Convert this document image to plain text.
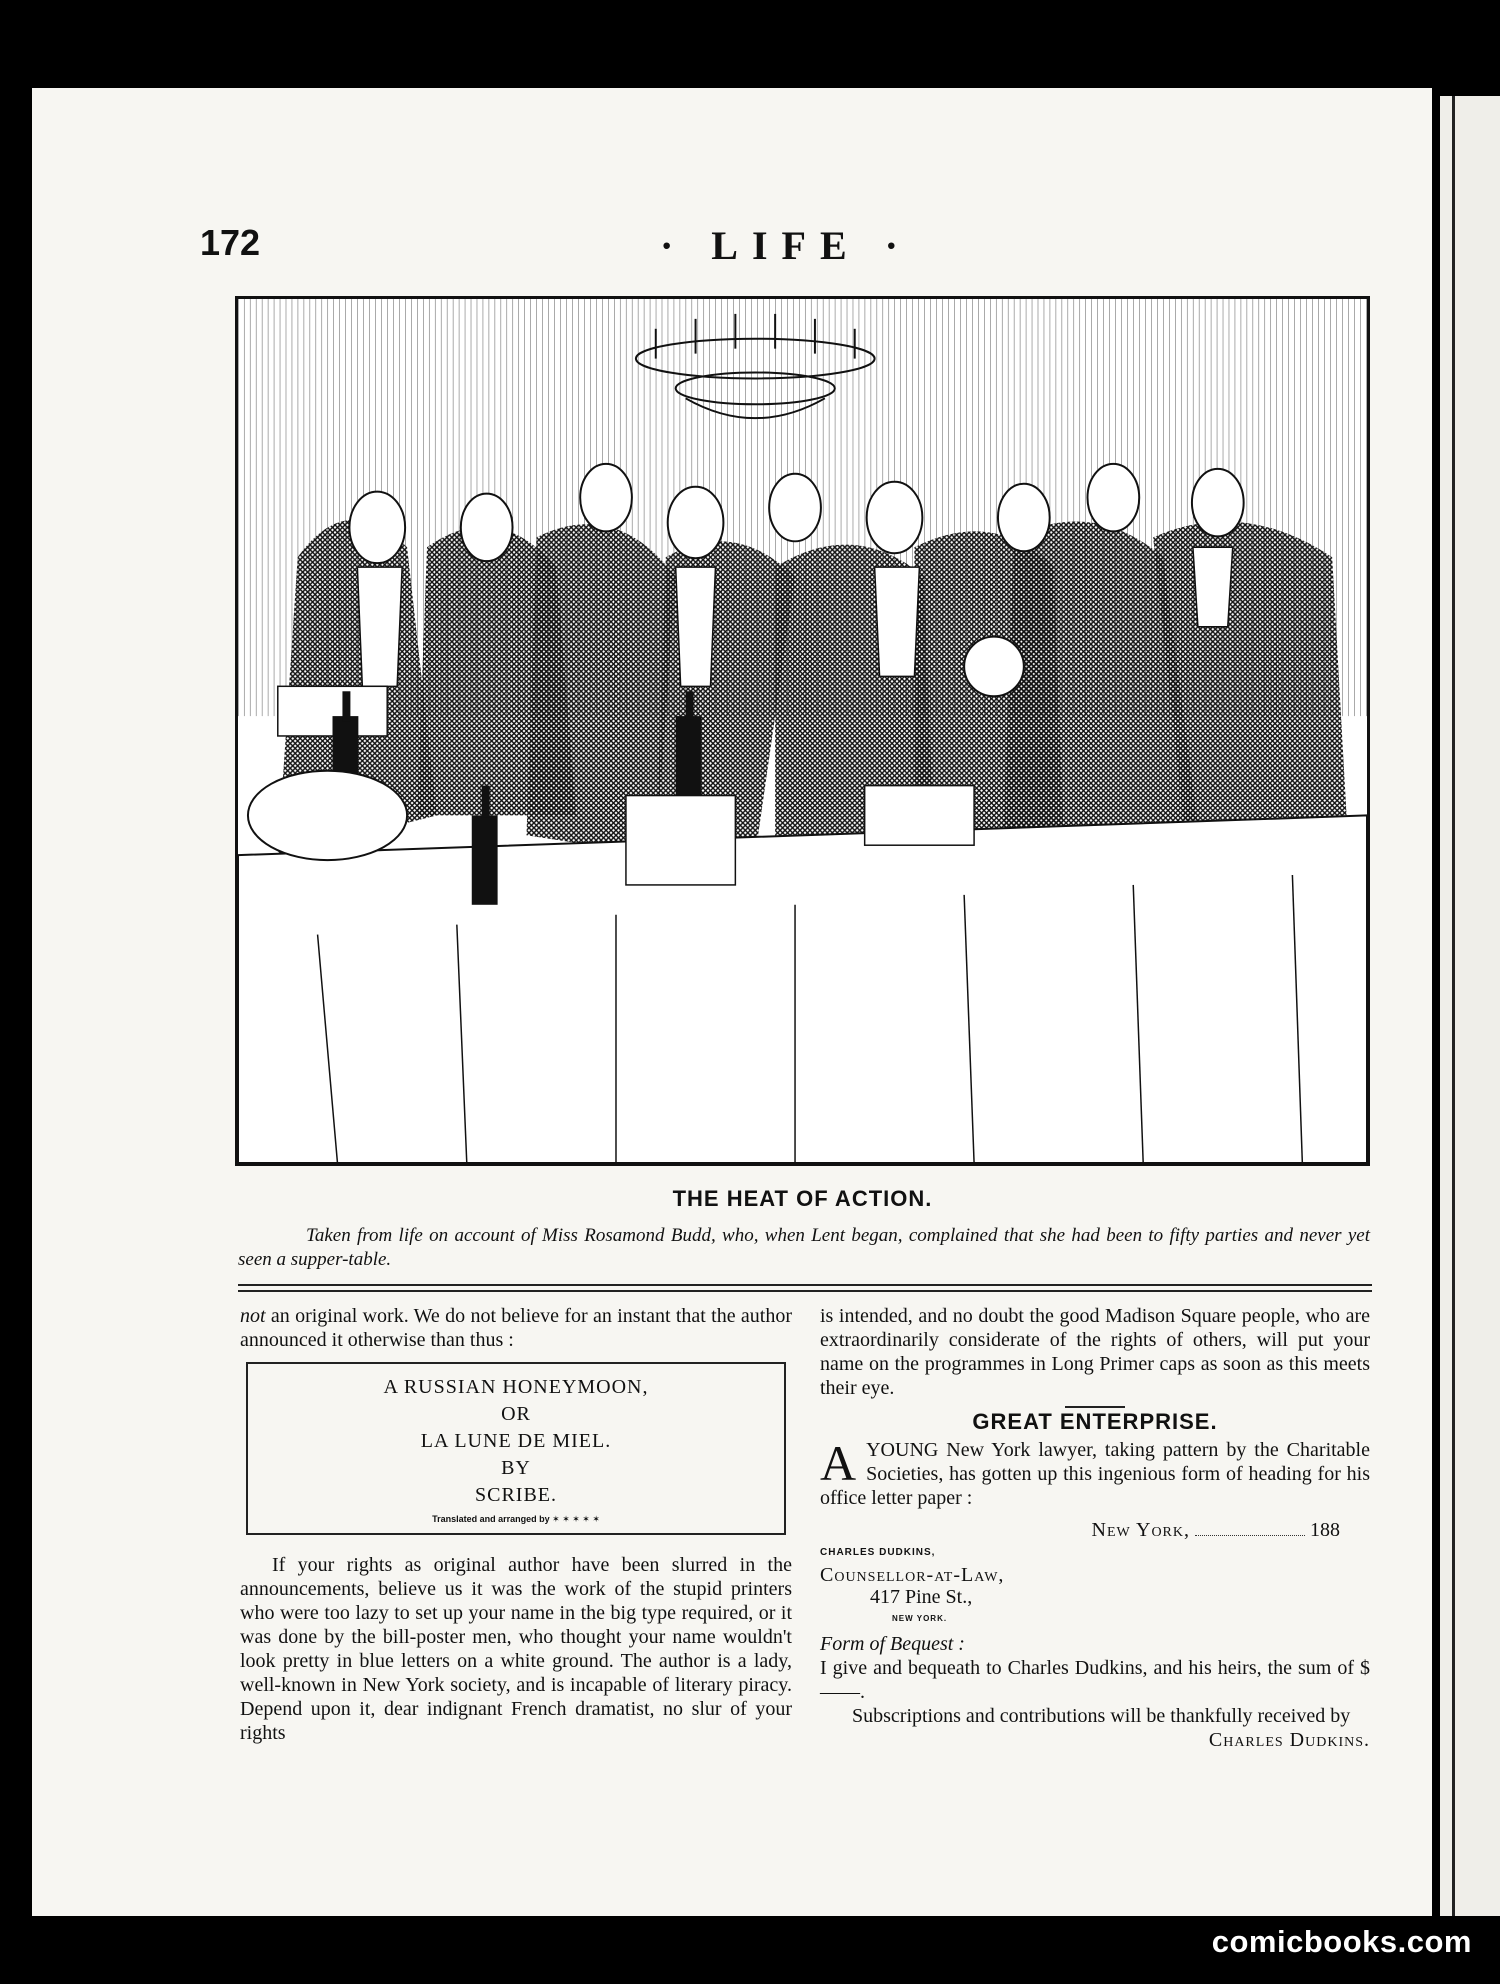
172	· LIFE ·
THE HEAT OF ACTION.
Taken from life on account of Miss Rosamond Budd, who, when Lent began, complained that she had been to fifty parties and never yet seen a supper-table.

not an original work. We do not believe for an instant that the author announced it otherwise than thus :

A RUSSIAN HONEYMOON,
OR
LA LUNE DE MIEL.
BY
SCRIBE.
Translated and arranged by ✶ ✶ ✶ ✶ ✶

If your rights as original author have been slurred in the announcements, believe us it was the work of the stupid printers who were too lazy to set up your name in the big type required, or it was done by the bill-poster men, who thought your name wouldn't look pretty in blue letters on a white ground. The author is a lady, well-known in New York society, and is incapable of literary piracy. Depend upon it, dear indignant French dramatist, no slur of your rights

is intended, and no doubt the good Madison Square people, who are extraordinarily considerate of the rights of others, will put your name on the programmes in Long Primer caps as soon as this meets their eye.

GREAT ENTERPRISE.

AYOUNG New York lawyer, taking pattern by the Charitable Societies, has gotten up this ingenious form of heading for his office letter paper :

New York,	188
CHARLES DUDKINS,
Counsellor-at-Law,
417 Pine St.,
NEW YORK.

Form of Bequest :

I give and bequeath to Charles Dudkins, and his heirs, the sum of $——.

Subscriptions and contributions will be thankfully received by
Charles Dudkins.

comicbooks.com
